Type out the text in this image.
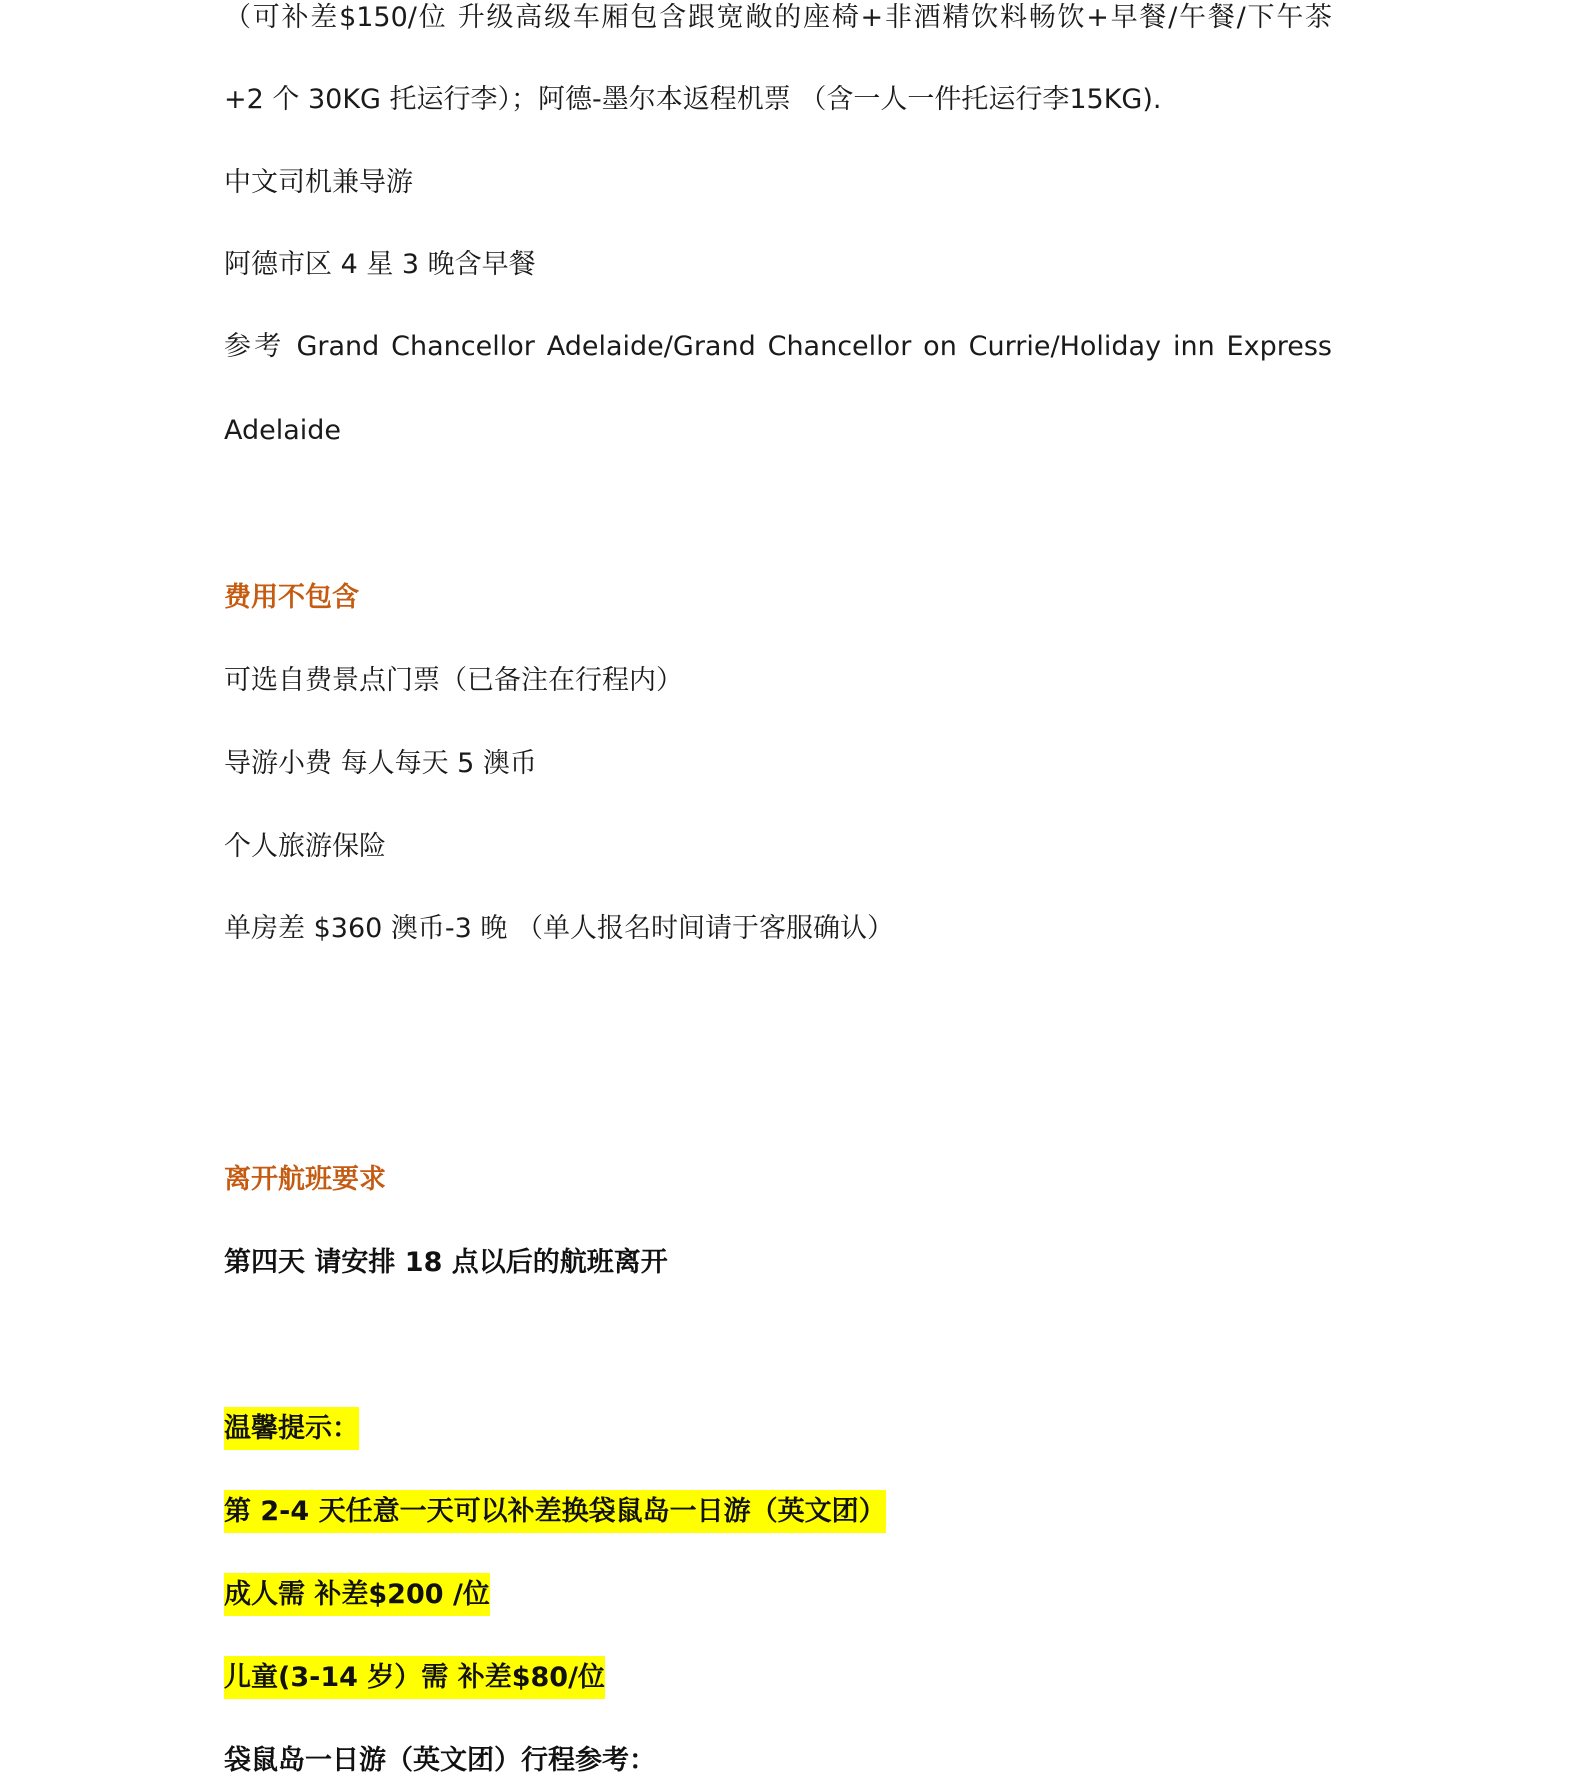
（可补差$150/位 升级高级车厢包含跟宽敞的座椅+非酒精饮料畅饮+早餐/午餐/下午茶
+2 个 30KG 托运行李）；阿德-墨尔本返程机票 （含一人一件托运行李15KG).
中文司机兼导游
阿德市区 4 星 3 晚含早餐
参考 Grand Chancellor Adelaide/Grand Chancellor on Currie/Holiday inn Express
Adelaide
费用不包含
可选自费景点门票（已备注在行程内）
导游小费 每人每天 5 澳币
个人旅游保险
单房差 $360 澳币-3 晚 （单人报名时间请于客服确认）
离开航班要求
第四天 请安排 18 点以后的航班离开
温馨提示：
第 2-4 天任意一天可以补差换袋鼠岛一日游（英文团）
成人需 补差$200 /位
儿童(3-14 岁）需 补差$80/位
袋鼠岛一日游（英文团）行程参考：
